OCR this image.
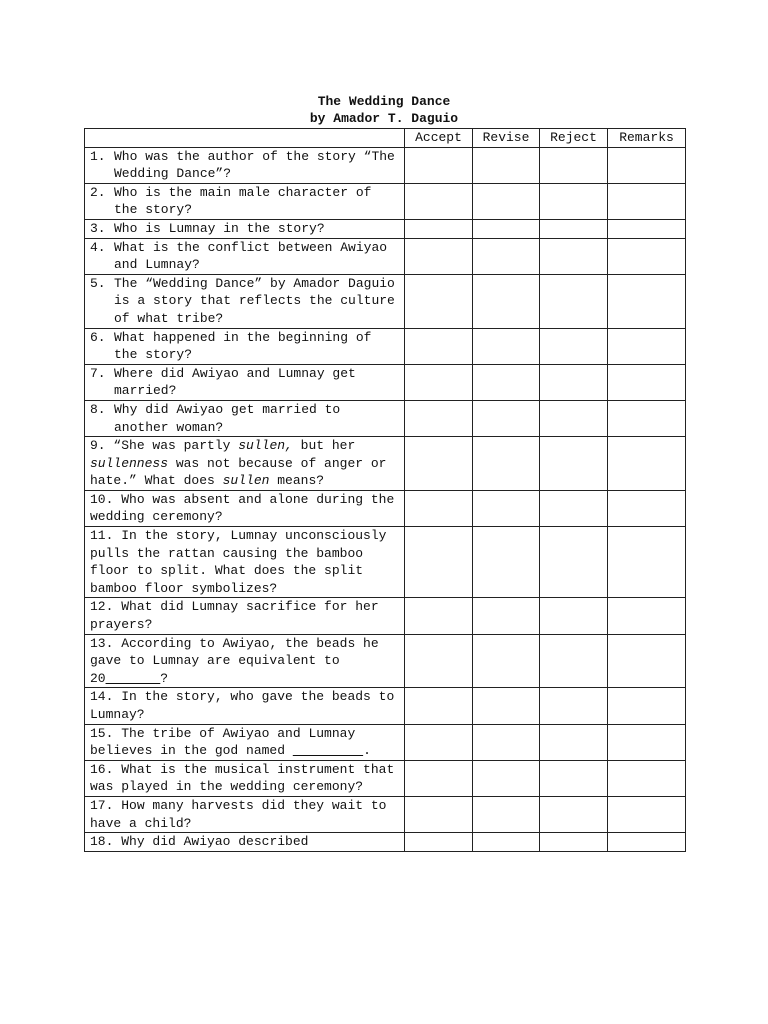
The Wedding Dance
by Amador T. Daguio
	Accept	Revise	Reject	Remarks

1. Who was the author of the story “The Wedding Dance”?				

2. Who is the main male character of the story?				

3. Who is Lumnay in the story?				

4. What is the conflict between Awiyao and Lumnay?				

5. The “Wedding Dance” by Amador Daguio is a story that reflects the culture of what tribe?				

6. What happened in the beginning of the story?				

7. Where did Awiyao and Lumnay get married?				

8. Why did Awiyao get married to another woman?				

9. “She was partly sullen, but her sullenness was not because of anger or hate.” What does sullen means?				
10. Who was absent and alone during the wedding ceremony?				
11. In the story, Lumnay unconsciously pulls the rattan causing the bamboo floor to split. What does the split bamboo floor symbolizes?				
12. What did Lumnay sacrifice for her prayers?				
13. According to Awiyao, the beads he gave to Lumnay are equivalent to 20_______?				
14. In the story, who gave the beads to Lumnay?				
15. The tribe of Awiyao and Lumnay believes in the god named _________.				
16. What is the musical instrument that was played in the wedding ceremony?				
17. How many harvests did they wait to have a child?				
18. Why did Awiyao described				
